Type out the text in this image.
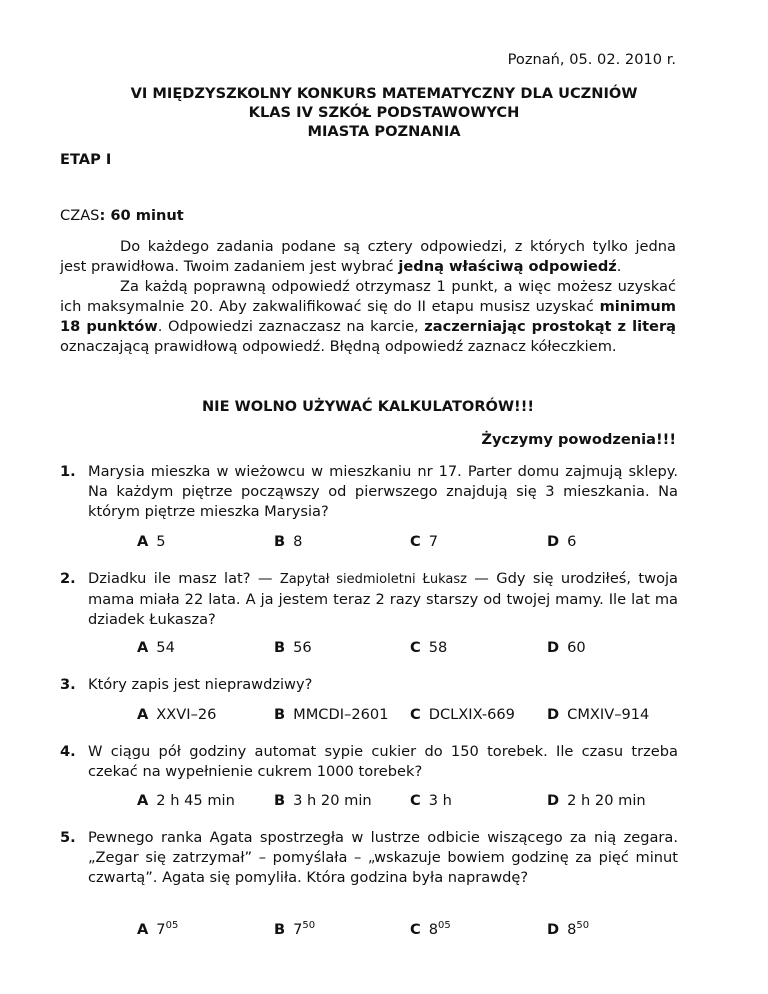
Poznań, 05. 02. 2010 r.
VI MIĘDZYSZKOLNY KONKURS MATEMATYCZNY DLA UCZNIÓW
KLAS IV SZKÓŁ PODSTAWOWYCH
MIASTA POZNANIA
ETAP I
CZAS: 60 minut

Do każdego zadania podane są cztery odpowiedzi, z których tylko jedna jest prawidłowa. Twoim zadaniem jest wybrać jedną właściwą odpowiedź.

Za każdą poprawną odpowiedź otrzymasz 1 punkt, a więc możesz uzyskać ich maksymalnie 20. Aby zakwalifikować się do II etapu musisz uzyskać minimum 18 punktów. Odpowiedzi zaznaczasz na karcie, zaczerniając prostokąt z literą oznaczającą prawidłową odpowiedź. Błędną odpowiedź zaznacz kółeczkiem.

NIE WOLNO UŻYWAĆ KALKULATORÓW!!!
Życzymy powodzenia!!!
1. Marysia mieszka w wieżowcu w mieszkaniu nr 17. Parter domu zajmują sklepy. Na każdym piętrze począwszy od pierwszego znajdują się 3 mieszkania. Na którym piętrze mieszka Marysia?
A 5	B 8	C 7	D 6
2. Dziadku ile masz lat? — Zapytał siedmioletni Łukasz — Gdy się urodziłeś, twoja mama miała 22 lata. A ja jestem teraz 2 razy starszy od twojej mamy. Ile lat ma dziadek Łukasza?
A 54	B 56	C 58	D 60
3. Który zapis jest nieprawdziwy?
A XXVI–26	B MMCDI–2601 C DCLXIX-669 D CMXIV–914
4. W ciągu pół godziny automat sypie cukier do 150 torebek. Ile czasu trzeba czekać na wypełnienie cukrem 1000 torebek?
A 2 h 45 min	B 3 h 20 min	C 3 h	D 2 h 20 min
5. Pewnego ranka Agata spostrzegła w lustrze odbicie wiszącego za nią zegara. „Zegar się zatrzymał” – pomyślała – „wskazuje bowiem godzinę za pięć minut czwartą”. Agata się pomyliła. Która godzina była naprawdę?
A $7^{05}$	B $7^{50}$	C $8^{05}$	D $8^{50}$
